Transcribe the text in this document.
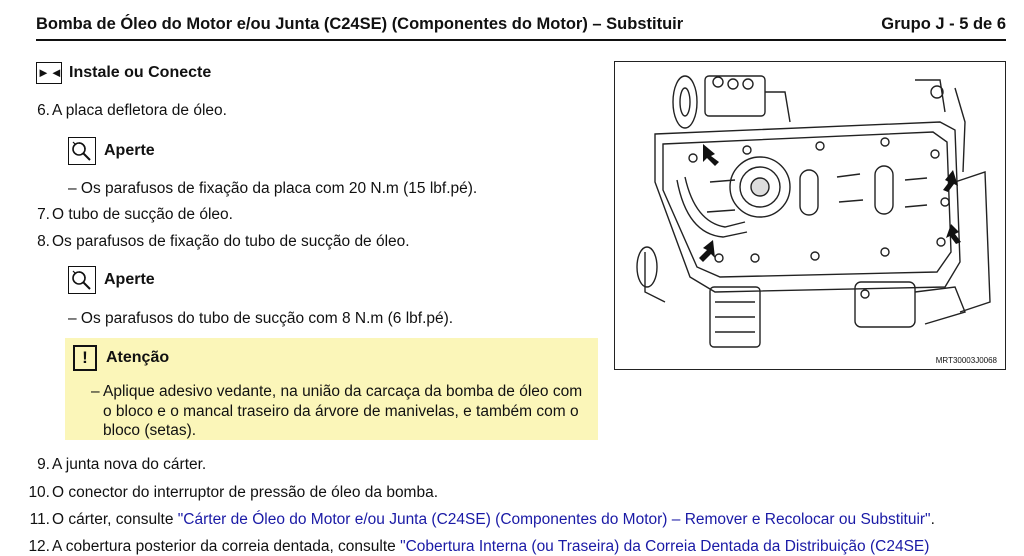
Bomba de Óleo do Motor e/ou Junta (C24SE) (Componentes do Motor) – Substituir	Grupo J - 5 de 6
►◄ Instale ou Conecte
6. A placa defletora de óleo.
Aperte
– Os parafusos de fixação da placa com 20 N.m (15 lbf.pé).
7. O tubo de sucção de óleo.
8. Os parafusos de fixação do tubo de sucção de óleo.
Aperte
– Os parafusos do tubo de sucção com 8 N.m (6 lbf.pé).
!	Atenção
– Aplique adesivo vedante, na união da carcaça da bomba de óleo com o bloco e o mancal traseiro da árvore de manivelas, e também com o bloco (setas).
9. A junta nova do cárter.
10. O conector do interruptor de pressão de óleo da bomba.
11. O cárter, consulte "Cárter de Óleo do Motor e/ou Junta (C24SE) (Componentes do Motor) – Remover e Recolocar ou Substituir".
12. A cobertura posterior da correia dentada, consulte "Cobertura Interna (ou Traseira) da Correia Dentada da Distribuição (C24SE)
MRT30003J0068
